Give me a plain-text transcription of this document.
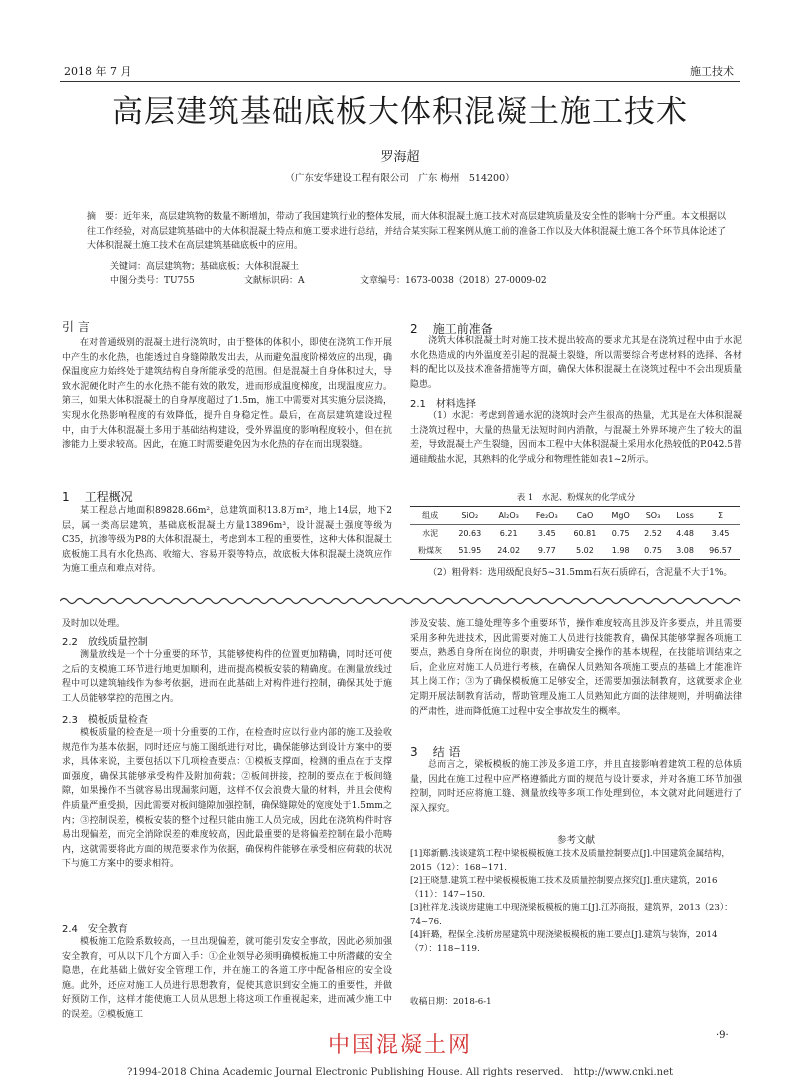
2018 年 7 月	施工技术
高层建筑基础底板大体积混凝土施工技术
罗海超
（广东安华建设工程有限公司　广东 梅州　514200）
摘　要：近年来，高层建筑物的数量不断增加，带动了我国建筑行业的整体发展，而大体积混凝土施工技术对高层建筑质量及安全性的影响十分严重。本文根据以往工作经验，对高层建筑基础中的大体积混凝土特点和施工要求进行总结，并结合某实际工程案例从施工前的准备工作以及大体积混凝土施工各个环节具体论述了大体积混凝土施工技术在高层建筑基础底板中的应用。
关键词：高层建筑物；基础底板；大体积混凝土
中图分类号：TU755	文献标识码：A	文章编号：1673-0038（2018）27-0009-02
引 言
在对普通级别的混凝土进行浇筑时，由于整体的体积小，即使在浇筑工作开展中产生的水化热，也能透过自身缝隙散发出去，从而避免温度阶梯效应的出现，确保温度应力始终处于建筑结构自身所能承受的范围。但是混凝土自身体积过大，导致水泥硬化时产生的水化热不能有效的散发，进而形成温度梯度，出现温度应力。第三，如果大体积混凝土的自身厚度超过了1.5m，施工中需要对其实施分层浇捣，实现水化热影响程度的有效降低，提升自身稳定性。最后，在高层建筑建设过程中，由于大体积混凝土多用于基础结构建设，受外界温度的影响程度较小，但在抗渗能力上要求较高。因此，在施工时需要避免因为水化热的存在而出现裂缝。
1 工程概况
某工程总占地面积89828.66m²，总建筑面积13.8万m²，地上14层，地下2层，属一类高层建筑，基础底板混凝土方量13896m³，设计混凝土强度等级为C35，抗渗等级为P8的大体积混凝土，考虑到本工程的重要性，这种大体积混凝土底板施工具有水化热高、收缩大、容易开裂等特点，故底板大体积混凝土浇筑应作为施工重点和难点对待。
2 施工前准备
浇筑大体积混凝土时对施工技术提出较高的要求尤其是在浇筑过程中由于水泥水化热造成的内外温度差引起的混凝土裂缝，所以需要综合考虑材料的选择、各材料的配比以及技术准备措施等方面，确保大体积混凝土在浇筑过程中不会出现质量隐患。
2.1　材料选择
（1）水泥：考虑到普通水泥的浇筑时会产生很高的热量，尤其是在大体积混凝土浇筑过程中，大量的热量无法短时间内消散，与混凝土外界环境产生了较大的温差，导致混凝土产生裂缝，因而本工程中大体积混凝土采用水化热较低的P.042.5普通硅酸盐水泥，其熟料的化学成分和物理性能如表1~2所示。
表 1　水泥、粉煤灰的化学成分
组成	SiO₂	Al₂O₃	Fe₂O₃	CaO	MgO	SO₃	Loss	Σ
水泥	20.63	6.21	3.45	60.81	0.75	2.52	4.48	3.45
粉煤灰	51.95	24.02	9.77	5.02	1.98	0.75	3.08	96.57
（2）粗骨料：选用级配良好5~31.5mm石灰石质碎石，含泥量不大于1%。
及时加以处理。
2.2　放线质量控制
测量放线是一个十分重要的环节，其能够使构件的位置更加精确，同时还可使之后的支模施工环节进行地更加顺利，进而提高模板安装的精确度。在测量放线过程中可以建筑轴线作为参考依据，进而在此基础上对构件进行控制，确保其处于施工人员能够掌控的范围之内。
2.3　模板质量检查
模板质量的检查是一项十分重要的工作，在检查时应以行业内部的施工及验收规范作为基本依据，同时还应与施工图纸进行对比，确保能够达到设计方案中的要求，具体来说，主要包括以下几项检查要点：①模板支撑面，检测的重点在于支撑面强度，确保其能够承受构件及附加荷载；②板间拼接，控制的要点在于板间缝隙，如果操作不当就容易出现漏浆问题，这样不仅会浪费大量的材料，并且会使构件质量严重受损，因此需要对板间缝隙加强控制，确保缝隙处的宽度处于1.5mm之内；③控制误差，模板安装的整个过程只能由施工人员完成，因此在浇筑构件时容易出现偏差，而完全消除误差的难度较高，因此最重要的是将偏差控制在最小范畴内，这就需要将此方面的规范要求作为依据，确保构件能够在承受相应荷载的状况下与施工方案中的要求相符。
2.4　安全教育
模板施工危险系数较高，一旦出现偏差，就可能引发安全事故，因此必须加强安全教育，可从以下几个方面入手：①企业领导必须明确模板施工中所潜藏的安全隐患，在此基础上做好安全管理工作，并在施工的各道工序中配备相应的安全设施。此外，还应对施工人员进行思想教育，促使其意识到安全施工的重要性，并做好预防工作，这样才能使施工人员从思想上将这项工作重视起来，进而减少施工中的误差。②模板施工
涉及安装、施工缝处理等多个重要环节，操作难度较高且涉及许多要点，并且需要采用多种先进技术，因此需要对施工人员进行技能教育，确保其能够掌握各项施工要点，熟悉自身所在岗位的职责，并明确安全操作的基本规程，在技能培训结束之后，企业应对施工人员进行考核，在确保人员熟知各项施工要点的基础上才能准许其上岗工作；③为了确保模板施工足够安全，还需要加强法制教育，这就要求企业定期开展法制教育活动，帮助管理及施工人员熟知此方面的法律规则，并明确法律的严肃性，进而降低施工过程中安全事故发生的概率。
3 结 语
总而言之，梁板模板的施工涉及多道工序，并且直接影响着建筑工程的总体质量，因此在施工过程中应严格遵循此方面的规范与设计要求，并对各施工环节加强控制，同时还应将施工缝、测量放线等多项工作处理到位，本文就对此问题进行了深入探究。
参考文献
[1]郑新鹏.浅谈建筑工程中梁板模板施工技术及质量控制要点[J].中国建筑金属结构，2015（12）：168~171.
[2]王晓慧.建筑工程中梁板模板施工技术及质量控制要点探究[J].重庆建筑，2016（11）：147~150.
[3]杜祥龙.浅谈房建施工中现浇梁板模板的施工[J].江苏商报，建筑界，2013（23）：74~76.
[4]轩璐，程保全.浅析房屋建筑中现浇梁板模板的施工要点[J].建筑与装饰，2014（7）：118~119.
收稿日期：2018-6-1
·9·
中国混凝土网
?1994-2018 China Academic Journal Electronic Publishing House. All rights reserved.　http://www.cnki.net
